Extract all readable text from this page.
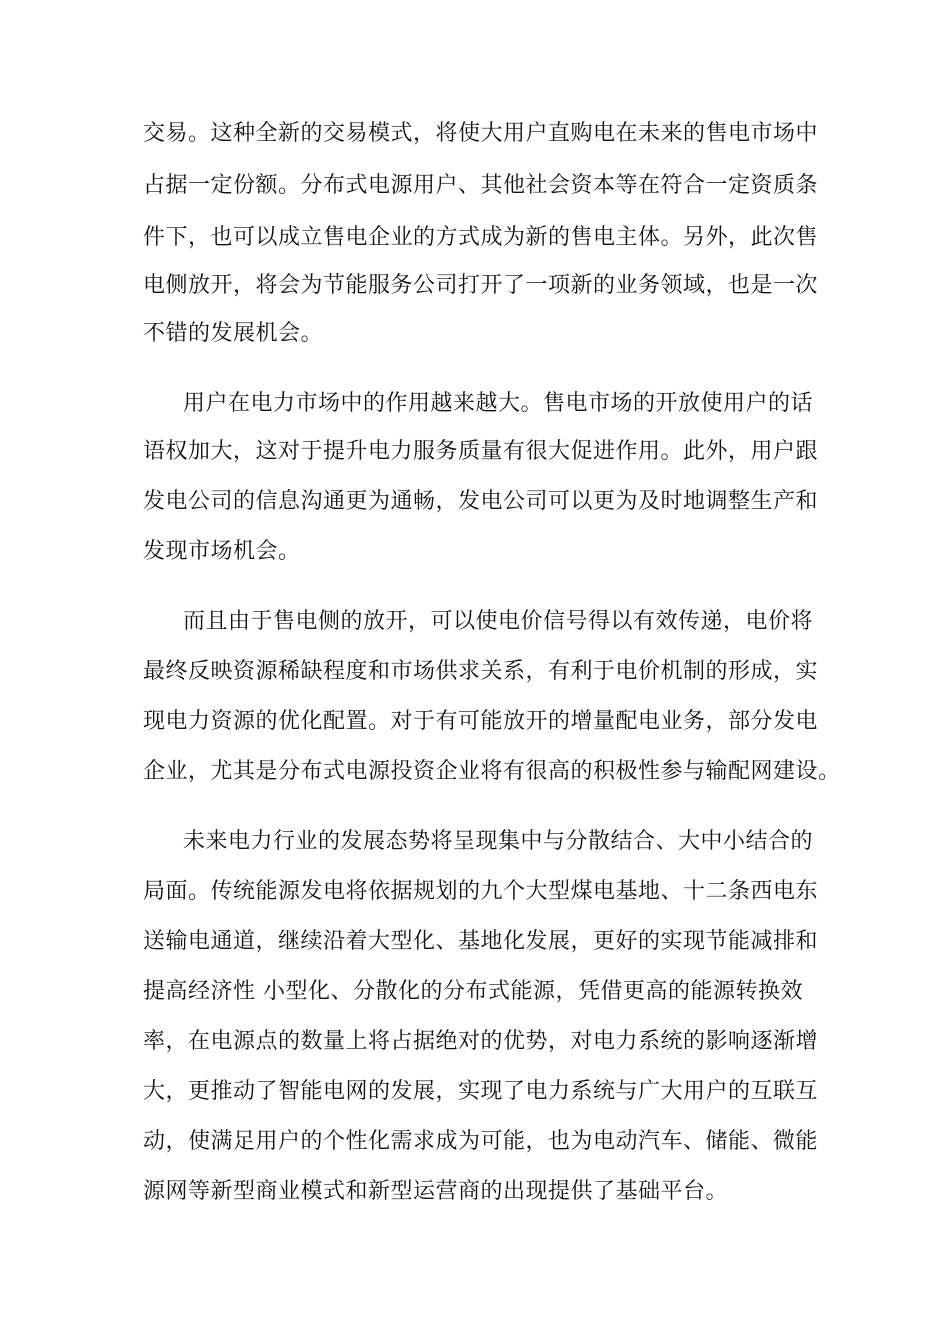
交易。这种全新的交易模式，将使大用户直购电在未来的售电市场中
占据一定份额。分布式电源用户、其他社会资本等在符合一定资质条
件下，也可以成立售电企业的方式成为新的售电主体。另外，此次售
电侧放开，将会为节能服务公司打开了一项新的业务领域，也是一次
不错的发展机会。
用户在电力市场中的作用越来越大。售电市场的开放使用户的话
语权加大，这对于提升电力服务质量有很大促进作用。此外，用户跟
发电公司的信息沟通更为通畅，发电公司可以更为及时地调整生产和
发现市场机会。
而且由于售电侧的放开，可以使电价信号得以有效传递，电价将
最终反映资源稀缺程度和市场供求关系，有利于电价机制的形成，实
现电力资源的优化配置。对于有可能放开的增量配电业务，部分发电
企业，尤其是分布式电源投资企业将有很高的积极性参与输配网建设。
未来电力行业的发展态势将呈现集中与分散结合、大中小结合的
局面。传统能源发电将依据规划的九个大型煤电基地、十二条西电东
送输电通道，继续沿着大型化、基地化发展，更好的实现节能减排和
提高经济性 小型化、分散化的分布式能源，凭借更高的能源转换效
率，在电源点的数量上将占据绝对的优势，对电力系统的影响逐渐增
大，更推动了智能电网的发展，实现了电力系统与广大用户的互联互
动，使满足用户的个性化需求成为可能，也为电动汽车、储能、微能
源网等新型商业模式和新型运营商的出现提供了基础平台。
